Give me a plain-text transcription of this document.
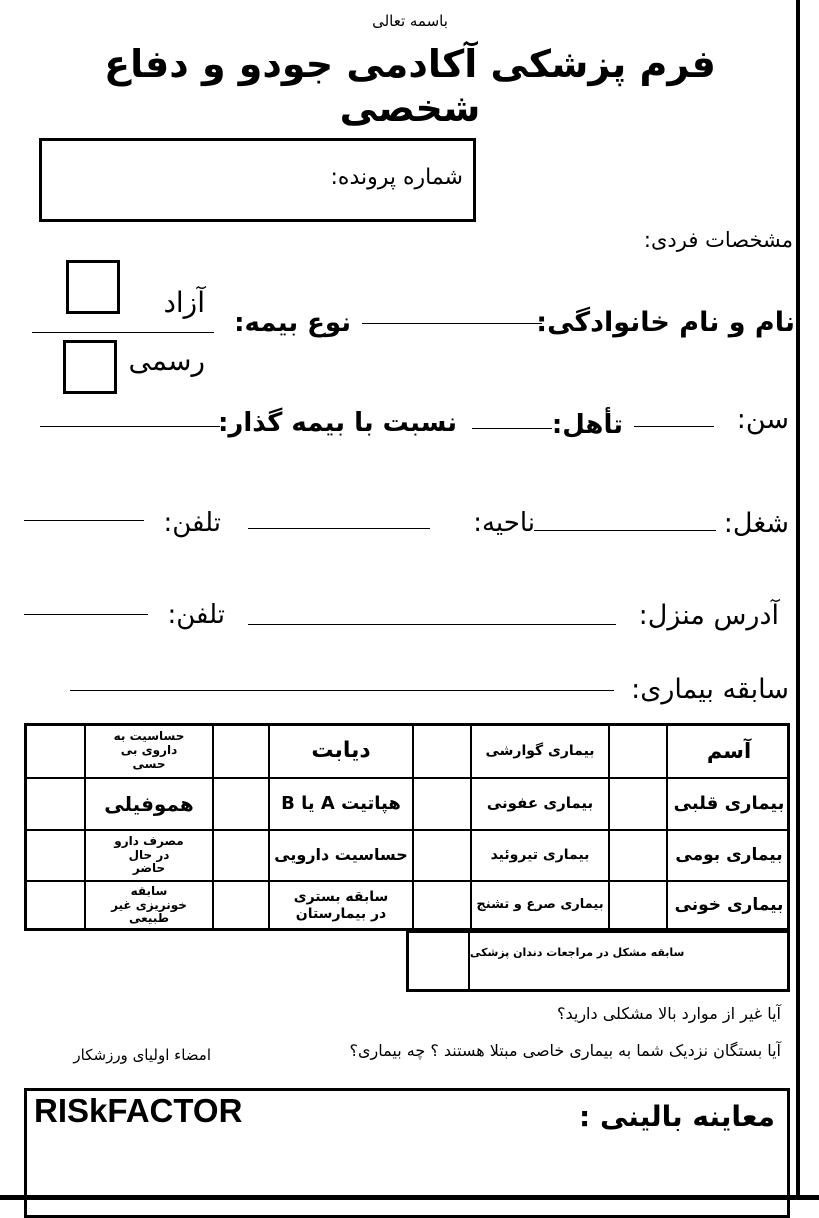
باسمه تعالی
فرم پزشکی آکادمی جودو و دفاع شخصی
شماره پرونده:
مشخصات فردی:
نام و نام خانوادگی:
نوع بیمه:
آزاد
رسمی
سن:
تأهل:
نسبت با بیمه گذار:
شغل:
ناحیه:
تلفن:
آدرس منزل:
تلفن:
سابقه بیماری:
آسم
بیماری قلبی
بیماری بومی
بیماری خونی
بیماری گوارشی
بیماری عفونی
بیماری تیروئید
بیماری صرع و تشنج
دیابت
هپاتیت A یا B
حساسیت دارویی
سابقه بستری در بیمارستان
حساسیت به داروی بی حسی
هموفیلی
مصرف دارو در حال حاضر
سابقه خونریزی غیر طبیعی
سابقه مشکل در مراجعات دندان پزشکی
آیا غیر از موارد بالا مشکلی دارید؟
آیا بستگان نزدیک شما به بیماری خاصی مبتلا هستند ؟ چه بیماری؟
امضاء اولیای ورزشکار
RISkFACTOR	معاینه بالینی :
